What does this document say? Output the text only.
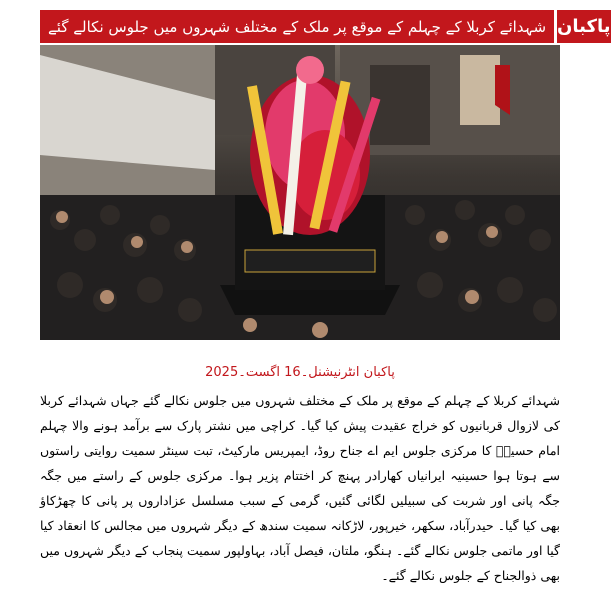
شہدائے کربلا کے چہلم کے موقع پر ملک کے مختلف شہروں میں جلوس نکالے گئے پاکبان
پاکبان انٹرنیشنل۔16 اگست۔2025
شہدائے کربلا کے چہلم کے موقع پر ملک کے مختلف شہروں میں جلوس نکالے گئے جہاں شہدائے کربلا کی لازوال قربانیوں کو خراج عقیدت پیش کیا گیا۔ کراچی میں نشتر پارک سے برآمد ہونے والا چہلم امام حسینؓ کا مرکزی جلوس ایم اے جناح روڈ، ایمپریس مارکیٹ، تبت سینٹر سمیت روایتی راستوں سے ہوتا ہوا حسینیہ ایرانیاں کھارادر پہنچ کر اختتام پزیر ہوا۔ مرکزی جلوس کے راستے میں جگہ جگہ پانی اور شربت کی سبیلیں لگائی گئیں، گرمی کے سبب مسلسل عزاداروں پر پانی کا چھڑکاؤ بھی کیا گیا۔ حیدرآباد، سکھر، خیرپور، لاڑکانہ سمیت سندھ کے دیگر شہروں میں مجالس کا انعقاد کیا گیا اور ماتمی جلوس نکالے گئے۔ ہنگو، ملتان، فیصل آباد، بہاولپور سمیت پنجاب کے دیگر شہروں میں بھی ذوالجناح کے جلوس نکالے گئے۔
